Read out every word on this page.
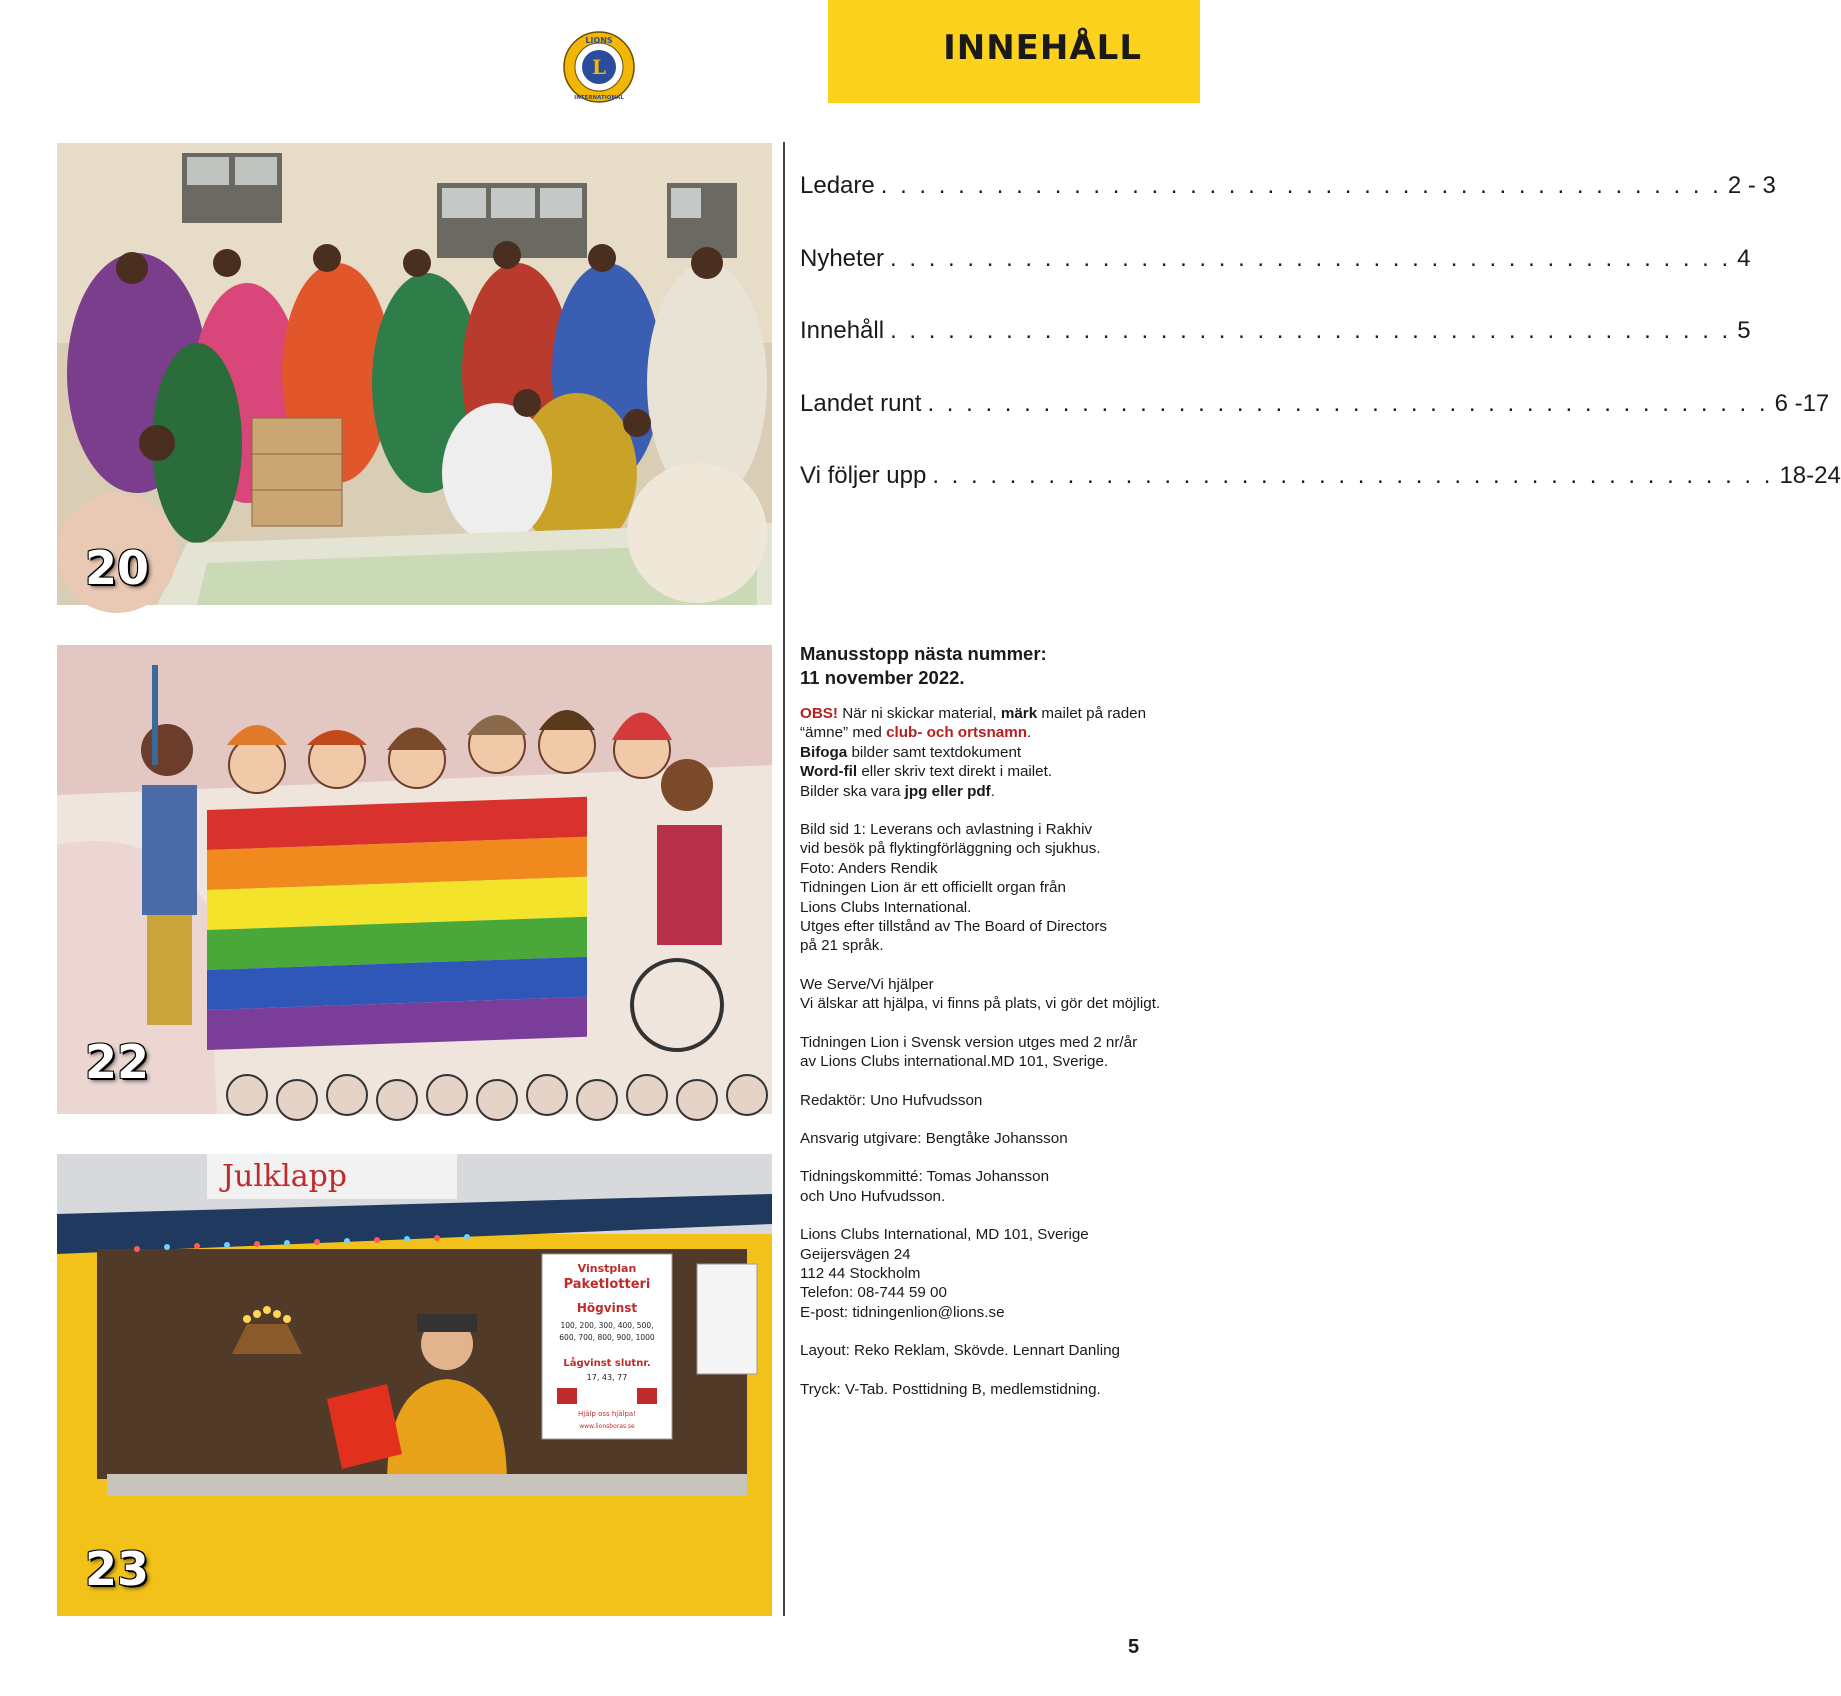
INNEHÅLL
L
LIONS
INTERNATIONAL
20
22
Julklapp
Vinstplan
Paketlotteri
Högvinst
100, 200, 300, 400, 500,
600, 700, 800, 900, 1000
Lågvinst slutnr.
17, 43, 77
Hjälp oss hjälpa!
www.lionsboras.se
23
Ledare . . . . . . . . . . . . . . . . . . . . . . . . . . . . . . . . . . . . . . . . . . . . 2 - 3
Nyheter . . . . . . . . . . . . . . . . . . . . . . . . . . . . . . . . . . . . . . . . . . . . 4
Innehåll . . . . . . . . . . . . . . . . . . . . . . . . . . . . . . . . . . . . . . . . . . . . 5
Landet runt . . . . . . . . . . . . . . . . . . . . . . . . . . . . . . . . . . . . . . . . . . . . 6 -17
Vi följer upp . . . . . . . . . . . . . . . . . . . . . . . . . . . . . . . . . . . . . . . . . . . . 18-24
Manusstopp nästa nummer:
11 november 2022.
OBS! När ni skickar material, märk mailet på raden “ämne” med club- och ortsnamn.
Bifoga bilder samt textdokument
Word-fil eller skriv text direkt i mailet.
Bilder ska vara jpg eller pdf.
Bild sid 1: Leverans och avlastning i Rakhiv
vid besök på flyktingförläggning och sjukhus.
Foto: Anders Rendik
Tidningen Lion är ett officiellt organ från
Lions Clubs International.
Utges efter tillstånd av The Board of Directors
på 21 språk.
We Serve/Vi hjälper
Vi älskar att hjälpa, vi finns på plats, vi gör det möjligt.
Tidningen Lion i Svensk version utges med 2 nr/år
av Lions Clubs international.MD 101, Sverige.
Redaktör: Uno Hufvudsson
Ansvarig utgivare: Bengtåke Johansson
Tidningskommitté: Tomas Johansson
och Uno Hufvudsson.
Lions Clubs International, MD 101, Sverige
Geijersvägen 24
112 44 Stockholm
Telefon: 08-744 59 00
E-post: tidningenlion@lions.se
Layout: Reko Reklam, Skövde. Lennart Danling
Tryck: V-Tab. Posttidning B, medlemstidning.
5
